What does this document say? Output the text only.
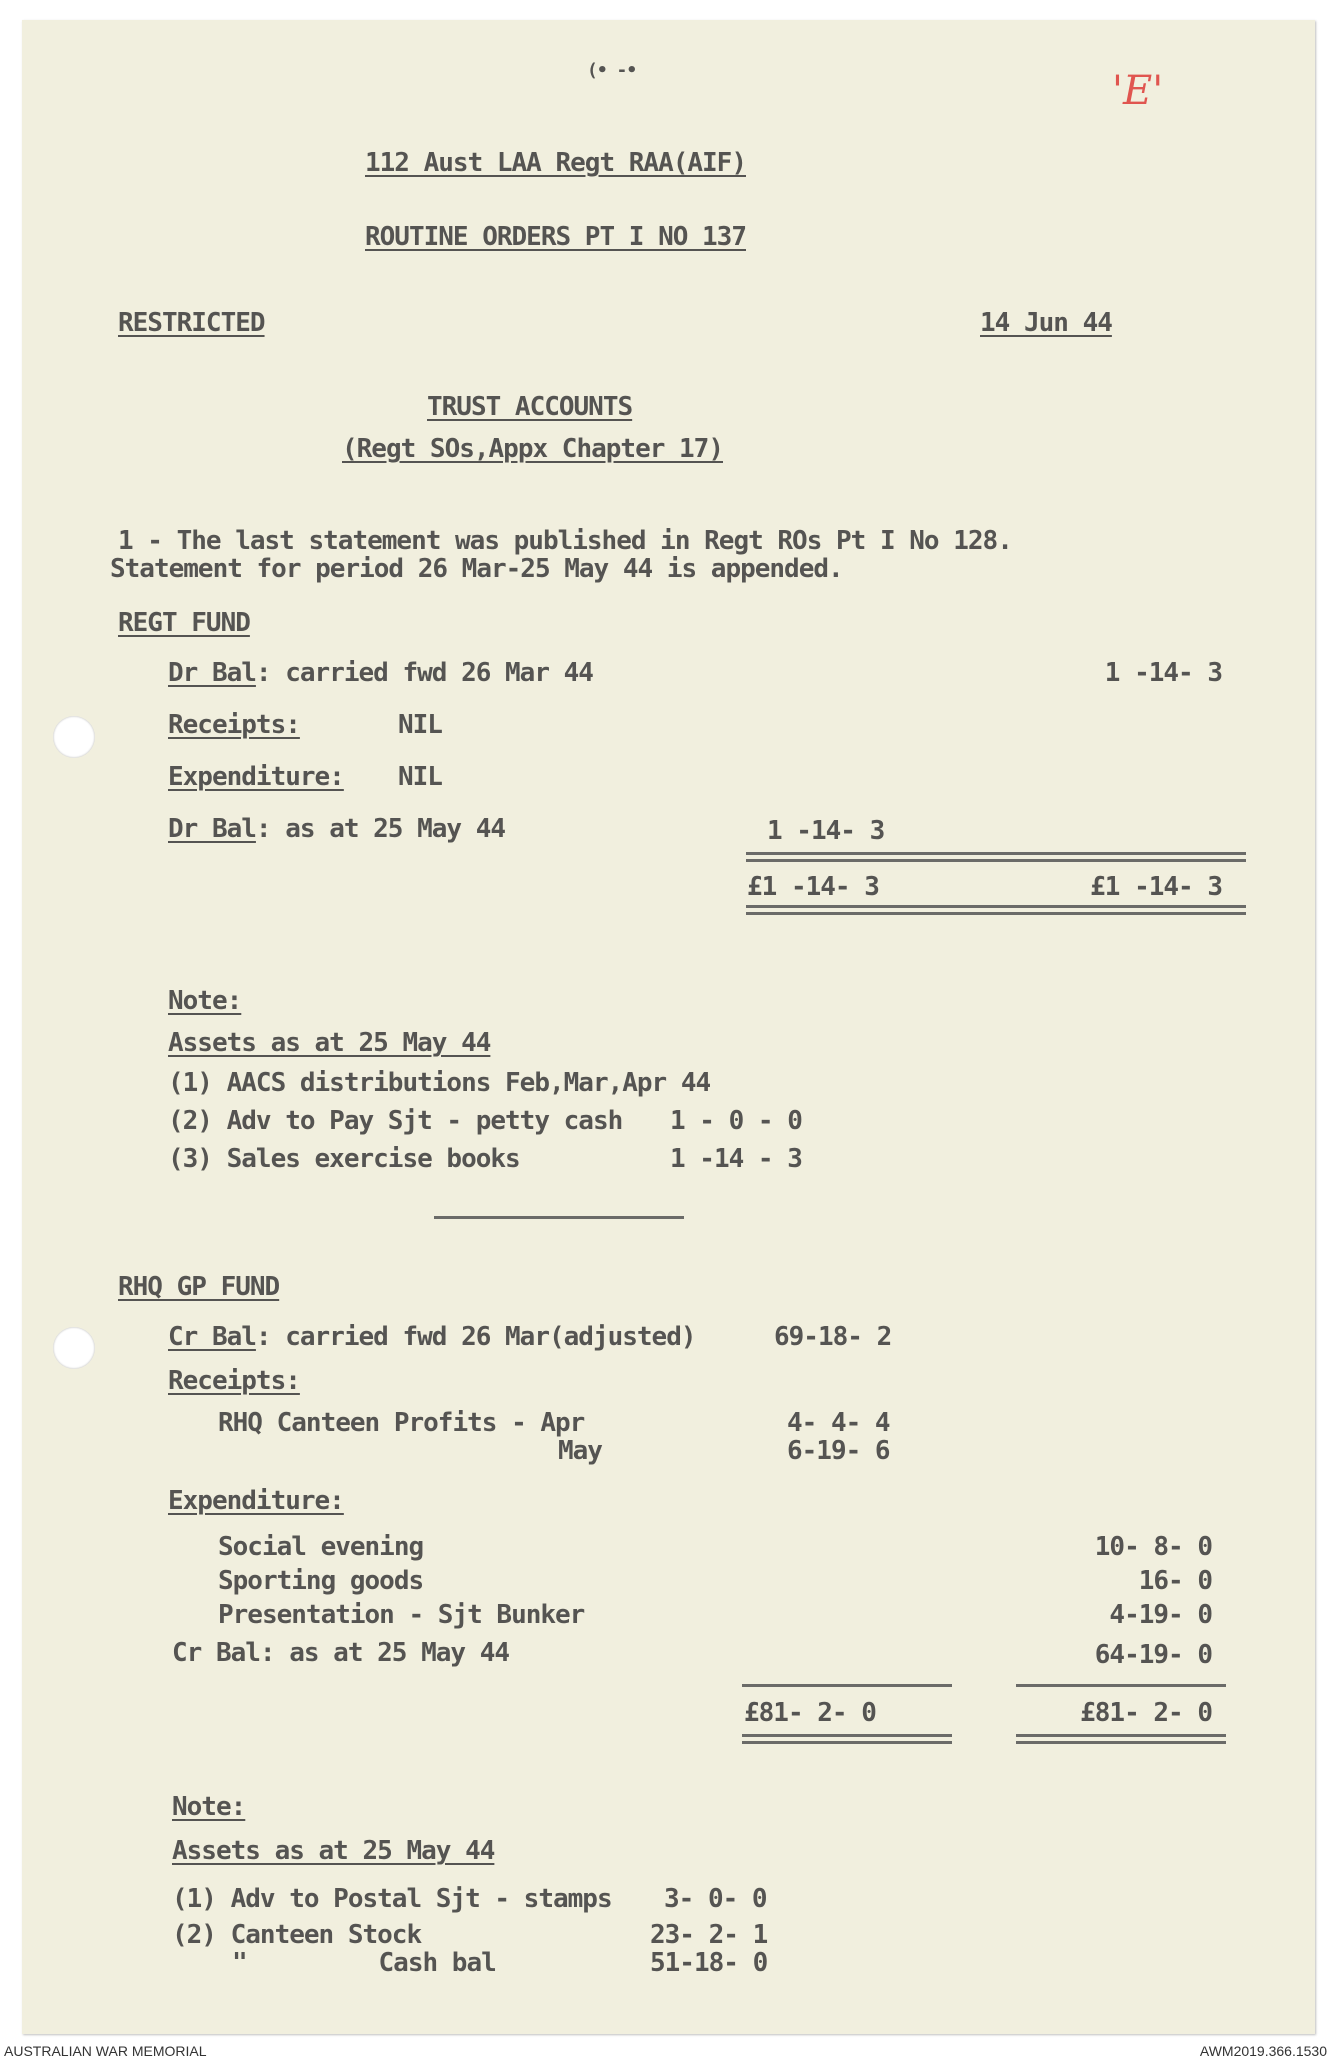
'E'
(• -•
112 Aust LAA Regt RAA(AIF)
ROUTINE ORDERS PT I NO 137
RESTRICTED	14 Jun 44
TRUST ACCOUNTS
(Regt SOs,Appx Chapter 17)
1 - The last statement was published in Regt ROs Pt I No 128.
Statement for period 26 Mar-25 May 44 is appended.
REGT FUND
Dr Bal: carried fwd 26 Mar 44	1 -14- 3
Receipts:	NIL
Expenditure: NIL
Dr Bal: as at 25 May 44	1 -14- 3
£1 -14- 3	£1 -14- 3
Note:
Assets as at 25 May 44
(1) AACS distributions Feb,Mar,Apr 44
(2) Adv to Pay Sjt - petty cash 1 - 0 - 0
(3) Sales exercise books	1 -14 - 3
RHQ GP FUND
Cr Bal: carried fwd 26 Mar(adjusted)	69-18- 2
Receipts:
RHQ Canteen Profits - Apr	4- 4- 4
May	6-19- 6
Expenditure:
Social evening	10- 8- 0
Sporting goods	16- 0
Presentation - Sjt Bunker	4-19- 0
Cr Bal: as at 25 May 44	64-19- 0
£81- 2- 0	£81- 2- 0
Note:
Assets as at 25 May 44
(1) Adv to Postal Sjt - stamps 3- 0- 0
(2) Canteen Stock	23- 2- 1
"         Cash bal	51-18- 0
AUSTRALIAN WAR MEMORIAL	AWM2019.366.1530
